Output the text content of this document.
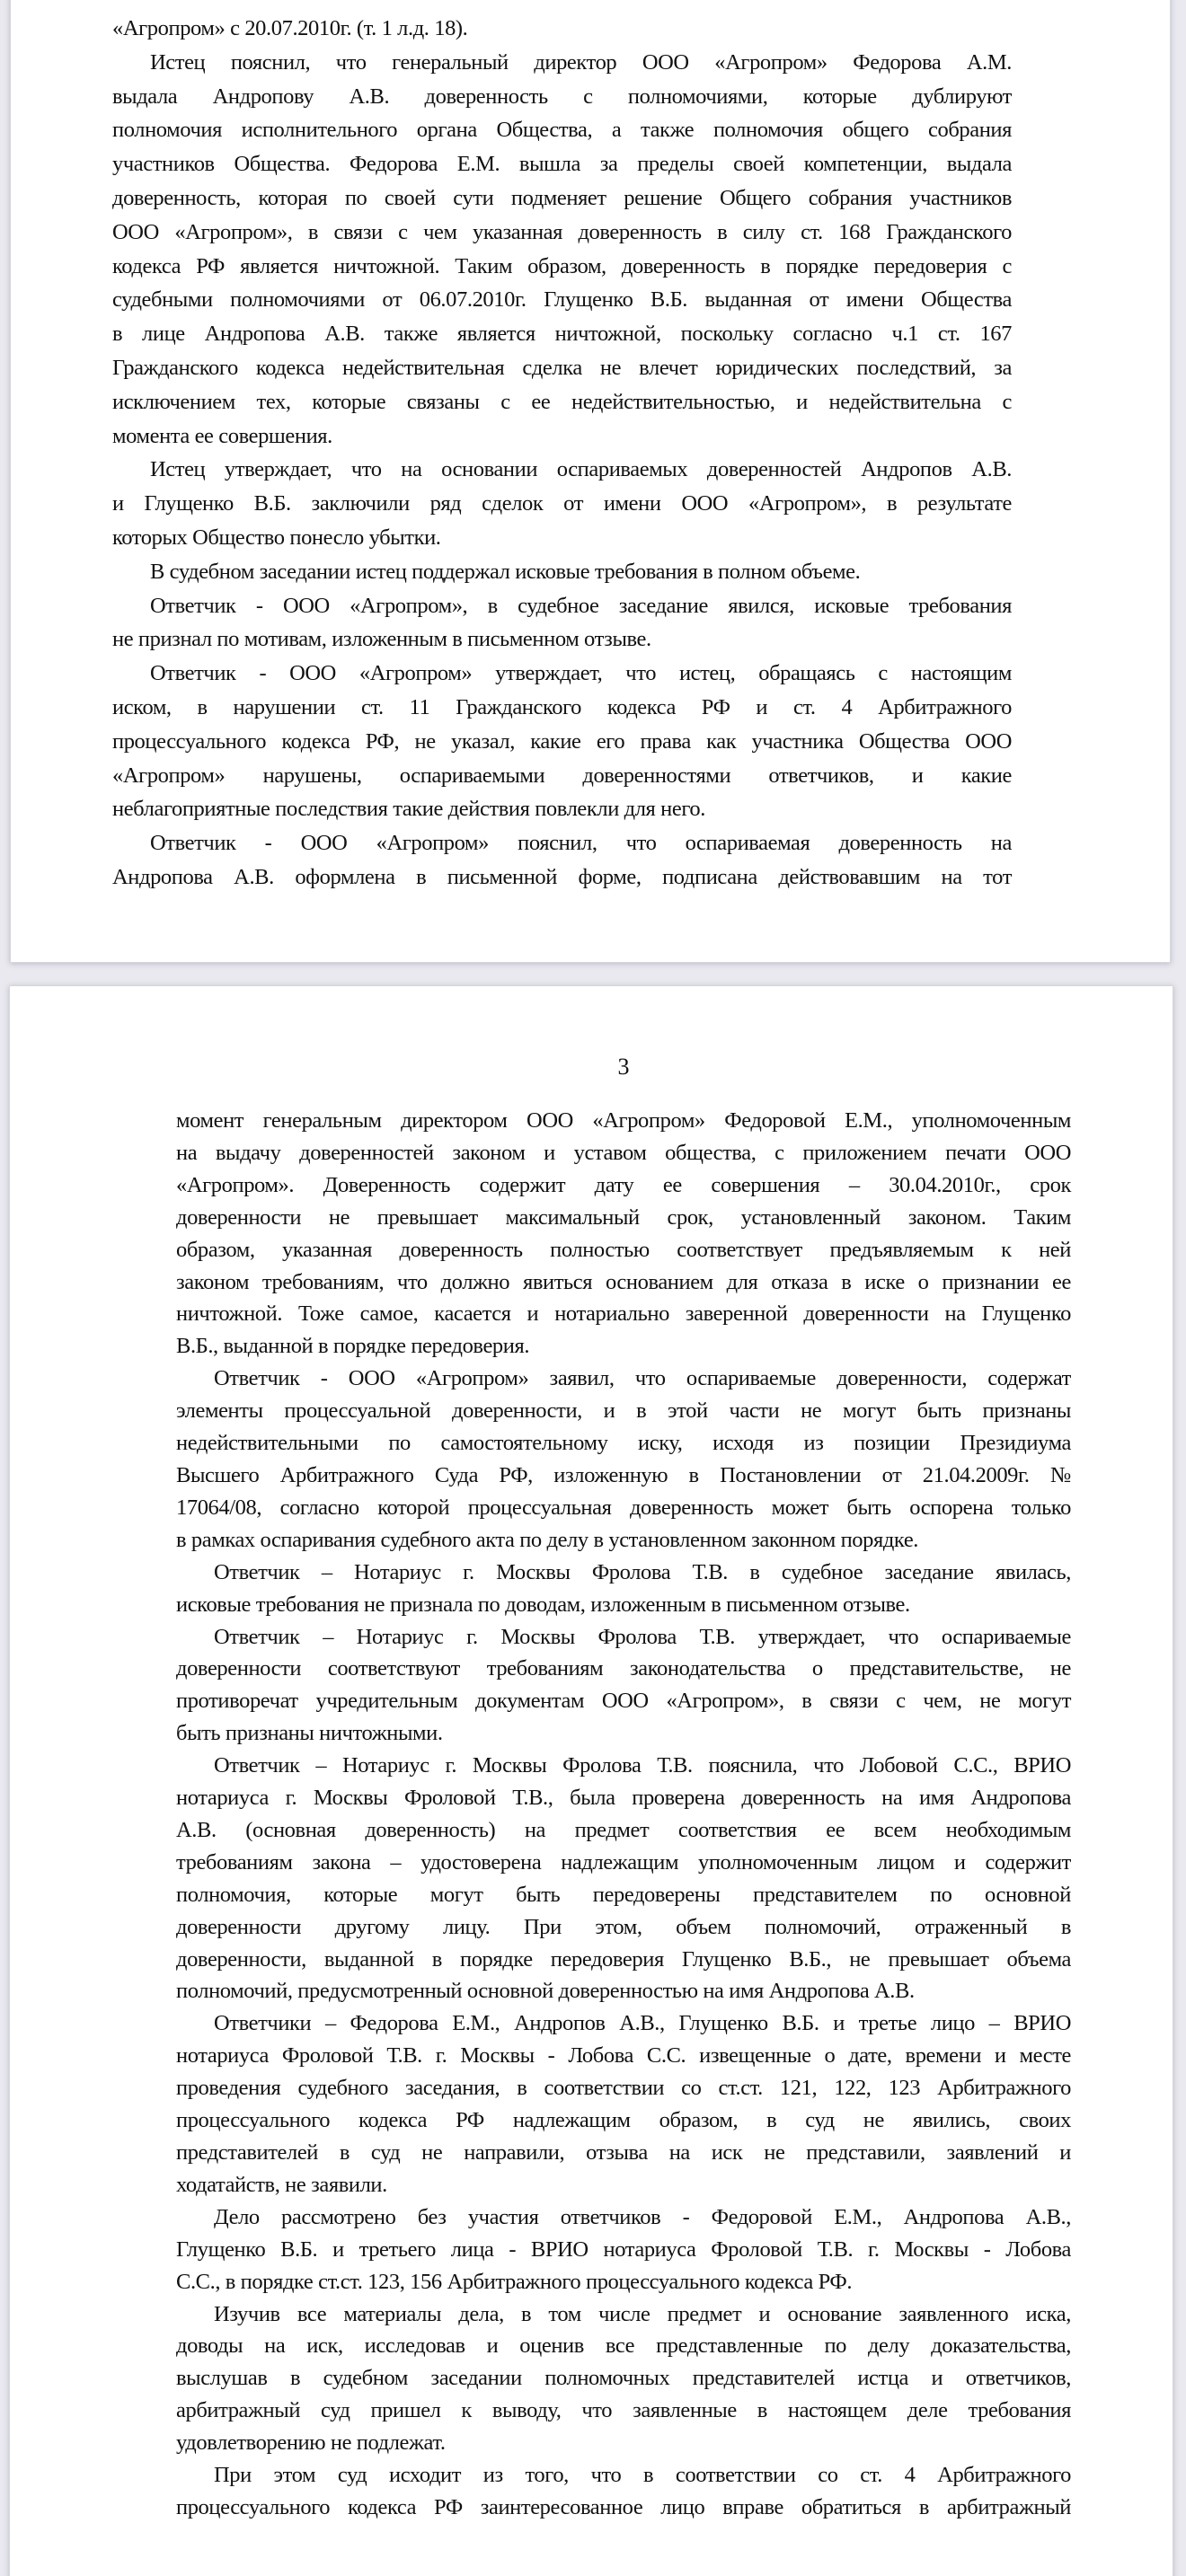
«Агропром» с 20.07.2010г. (т. 1 л.д. 18).
Истец пояснил, что генеральный директор ООО «Агропром» Федорова А.М.
выдала Андропову А.В. доверенность с полномочиями, которые дублируют
полномочия исполнительного органа Общества, а также полномочия общего собрания
участников Общества. Федорова Е.М. вышла за пределы своей компетенции, выдала
доверенность, которая по своей сути подменяет решение Общего собрания участников
ООО «Агропром», в связи с чем указанная доверенность в силу ст. 168 Гражданского
кодекса РФ является ничтожной. Таким образом, доверенность в порядке передоверия с
судебными полномочиями от 06.07.2010г. Глущенко В.Б. выданная от имени Общества
в лице Андропова А.В. также является ничтожной, поскольку согласно ч.1 ст. 167
Гражданского кодекса недействительная сделка не влечет юридических последствий, за
исключением тех, которые связаны с ее недействительностью, и недействительна с
момента ее совершения.
Истец утверждает, что на основании оспариваемых доверенностей Андропов А.В.
и Глущенко В.Б. заключили ряд сделок от имени ООО «Агропром», в результате
которых Общество понесло убытки.
В судебном заседании истец поддержал исковые требования в полном объеме.
Ответчик - ООО «Агропром», в судебное заседание явился, исковые требования
не признал по мотивам, изложенным в письменном отзыве.
Ответчик - ООО «Агропром» утверждает, что истец, обращаясь с настоящим
иском, в нарушении ст. 11 Гражданского кодекса РФ и ст. 4 Арбитражного
процессуального кодекса РФ, не указал, какие его права как участника Общества ООО
«Агропром» нарушены, оспариваемыми доверенностями ответчиков, и какие
неблагоприятные последствия такие действия повлекли для него.
Ответчик - ООО «Агропром» пояснил, что оспариваемая доверенность на
Андропова А.В. оформлена в письменной форме, подписана действовавшим на тот
3
момент генеральным директором ООО «Агропром» Федоровой Е.М., уполномоченным
на выдачу доверенностей законом и уставом общества, с приложением печати ООО
«Агропром». Доверенность содержит дату ее совершения – 30.04.2010г., срок
доверенности не превышает максимальный срок, установленный законом. Таким
образом, указанная доверенность полностью соответствует предъявляемым к ней
законом требованиям, что должно явиться основанием для отказа в иске о признании ее
ничтожной. Тоже самое, касается и нотариально заверенной доверенности на Глущенко
В.Б., выданной в порядке передоверия.
Ответчик - ООО «Агропром» заявил, что оспариваемые доверенности, содержат
элементы процессуальной доверенности, и в этой части не могут быть признаны
недействительными по самостоятельному иску, исходя из позиции Президиума
Высшего Арбитражного Суда РФ, изложенную в Постановлении от 21.04.2009г. №
17064/08, согласно которой процессуальная доверенность может быть оспорена только
в рамках оспаривания судебного акта по делу в установленном законном порядке.
Ответчик – Нотариус г. Москвы Фролова Т.В. в судебное заседание явилась,
исковые требования не признала по доводам, изложенным в письменном отзыве.
Ответчик – Нотариус г. Москвы Фролова Т.В. утверждает, что оспариваемые
доверенности соответствуют требованиям законодательства о представительстве, не
противоречат учредительным документам ООО «Агропром», в связи с чем, не могут
быть признаны ничтожными.
Ответчик – Нотариус г. Москвы Фролова Т.В. пояснила, что Лобовой С.С., ВРИО
нотариуса г. Москвы Фроловой Т.В., была проверена доверенность на имя Андропова
А.В. (основная доверенность) на предмет соответствия ее всем необходимым
требованиям закона – удостоверена надлежащим уполномоченным лицом и содержит
полномочия, которые могут быть передоверены представителем по основной
доверенности другому лицу. При этом, объем полномочий, отраженный в
доверенности, выданной в порядке передоверия Глущенко В.Б., не превышает объема
полномочий, предусмотренный основной доверенностью на имя Андропова А.В.
Ответчики – Федорова Е.М., Андропов А.В., Глущенко В.Б. и третье лицо – ВРИО
нотариуса Фроловой Т.В. г. Москвы - Лобова С.С. извещенные о дате, времени и месте
проведения судебного заседания, в соответствии со ст.ст. 121, 122, 123 Арбитражного
процессуального кодекса РФ надлежащим образом, в суд не явились, своих
представителей в суд не направили, отзыва на иск не представили, заявлений и
ходатайств, не заявили.
Дело рассмотрено без участия ответчиков - Федоровой Е.М., Андропова А.В.,
Глущенко В.Б. и третьего лица - ВРИО нотариуса Фроловой Т.В. г. Москвы - Лобова
С.С., в порядке ст.ст. 123, 156 Арбитражного процессуального кодекса РФ.
Изучив все материалы дела, в том числе предмет и основание заявленного иска,
доводы на иск, исследовав и оценив все представленные по делу доказательства,
выслушав в судебном заседании полномочных представителей истца и ответчиков,
арбитражный суд пришел к выводу, что заявленные в настоящем деле требования
удовлетворению не подлежат.
При этом суд исходит из того, что в соответствии со ст. 4 Арбитражного
процессуального кодекса РФ заинтересованное лицо вправе обратиться в арбитражный
